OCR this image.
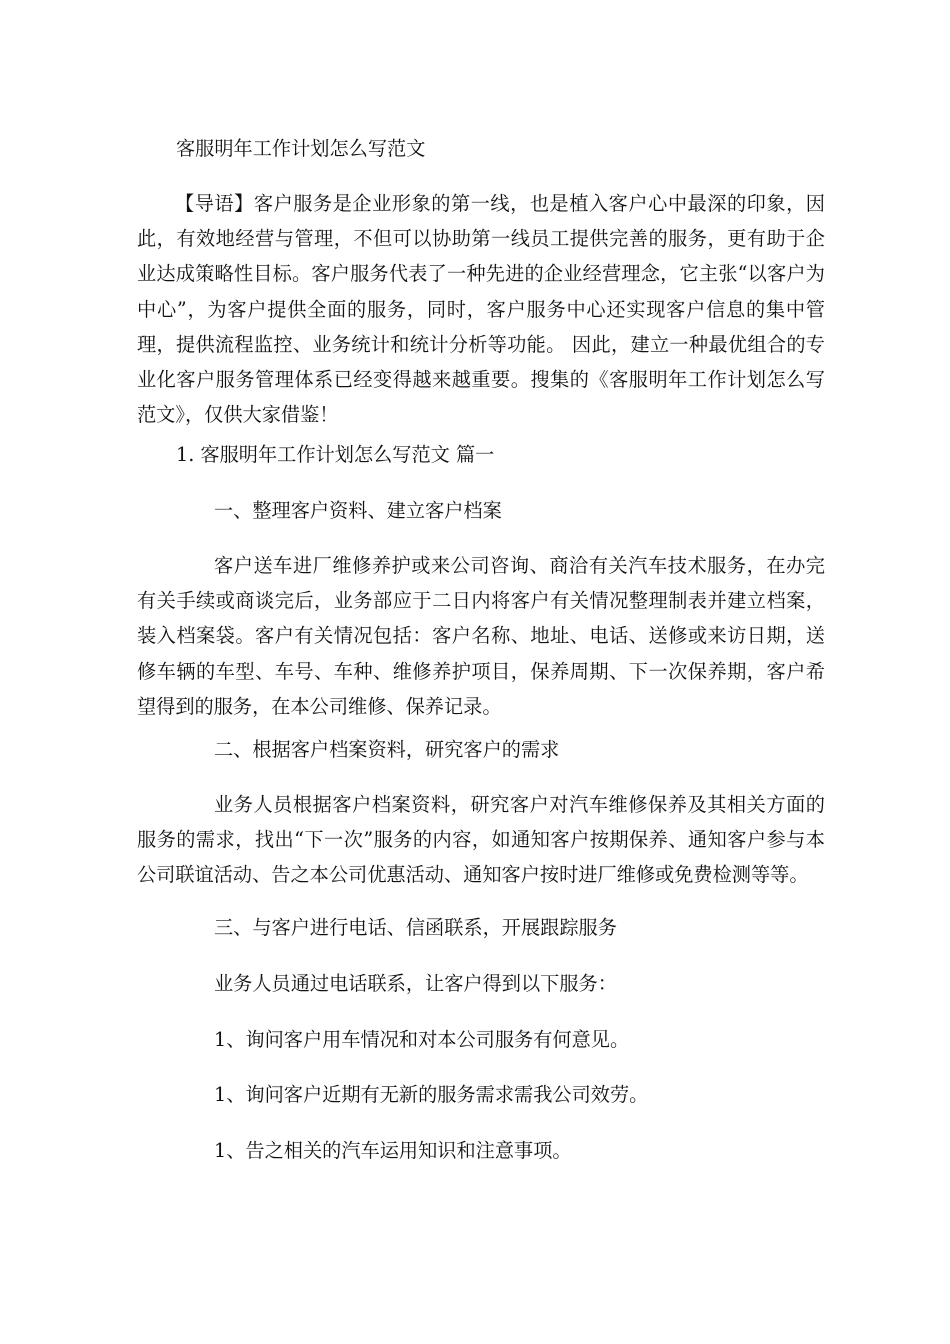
客服明年工作计划怎么写范文

【导语】客户服务是企业形象的第一线，也是植入客户心中最深的印象，因此，有效地经营与管理，不但可以协助第一线员工提供完善的服务，更有助于企业达成策略性目标。客户服务代表了一种先进的企业经营理念，它主张“以客户为中心”，为客户提供全面的服务，同时，客户服务中心还实现客户信息的集中管理，提供流程监控、业务统计和统计分析等功能。 因此，建立一种最优组合的专业化客户服务管理体系已经变得越来越重要。搜集的《客服明年工作计划怎么写范文》，仅供大家借鉴！

1. 客服明年工作计划怎么写范文 篇一

一、整理客户资料、建立客户档案

客户送车进厂维修养护或来公司咨询、商洽有关汽车技术服务，在办完有关手续或商谈完后，业务部应于二日内将客户有关情况整理制表并建立档案，装入档案袋。客户有关情况包括：客户名称、地址、电话、送修或来访日期，送修车辆的车型、车号、车种、维修养护项目，保养周期、下一次保养期，客户希望得到的服务，在本公司维修、保养记录。

二、根据客户档案资料，研究客户的需求

业务人员根据客户档案资料，研究客户对汽车维修保养及其相关方面的服务的需求，找出“下一次”服务的内容，如通知客户按期保养、通知客户参与本公司联谊活动、告之本公司优惠活动、通知客户按时进厂维修或免费检测等等。

三、与客户进行电话、信函联系，开展跟踪服务

业务人员通过电话联系，让客户得到以下服务：

1、询问客户用车情况和对本公司服务有何意见。

1、询问客户近期有无新的服务需求需我公司效劳。

1、告之相关的汽车运用知识和注意事项。
